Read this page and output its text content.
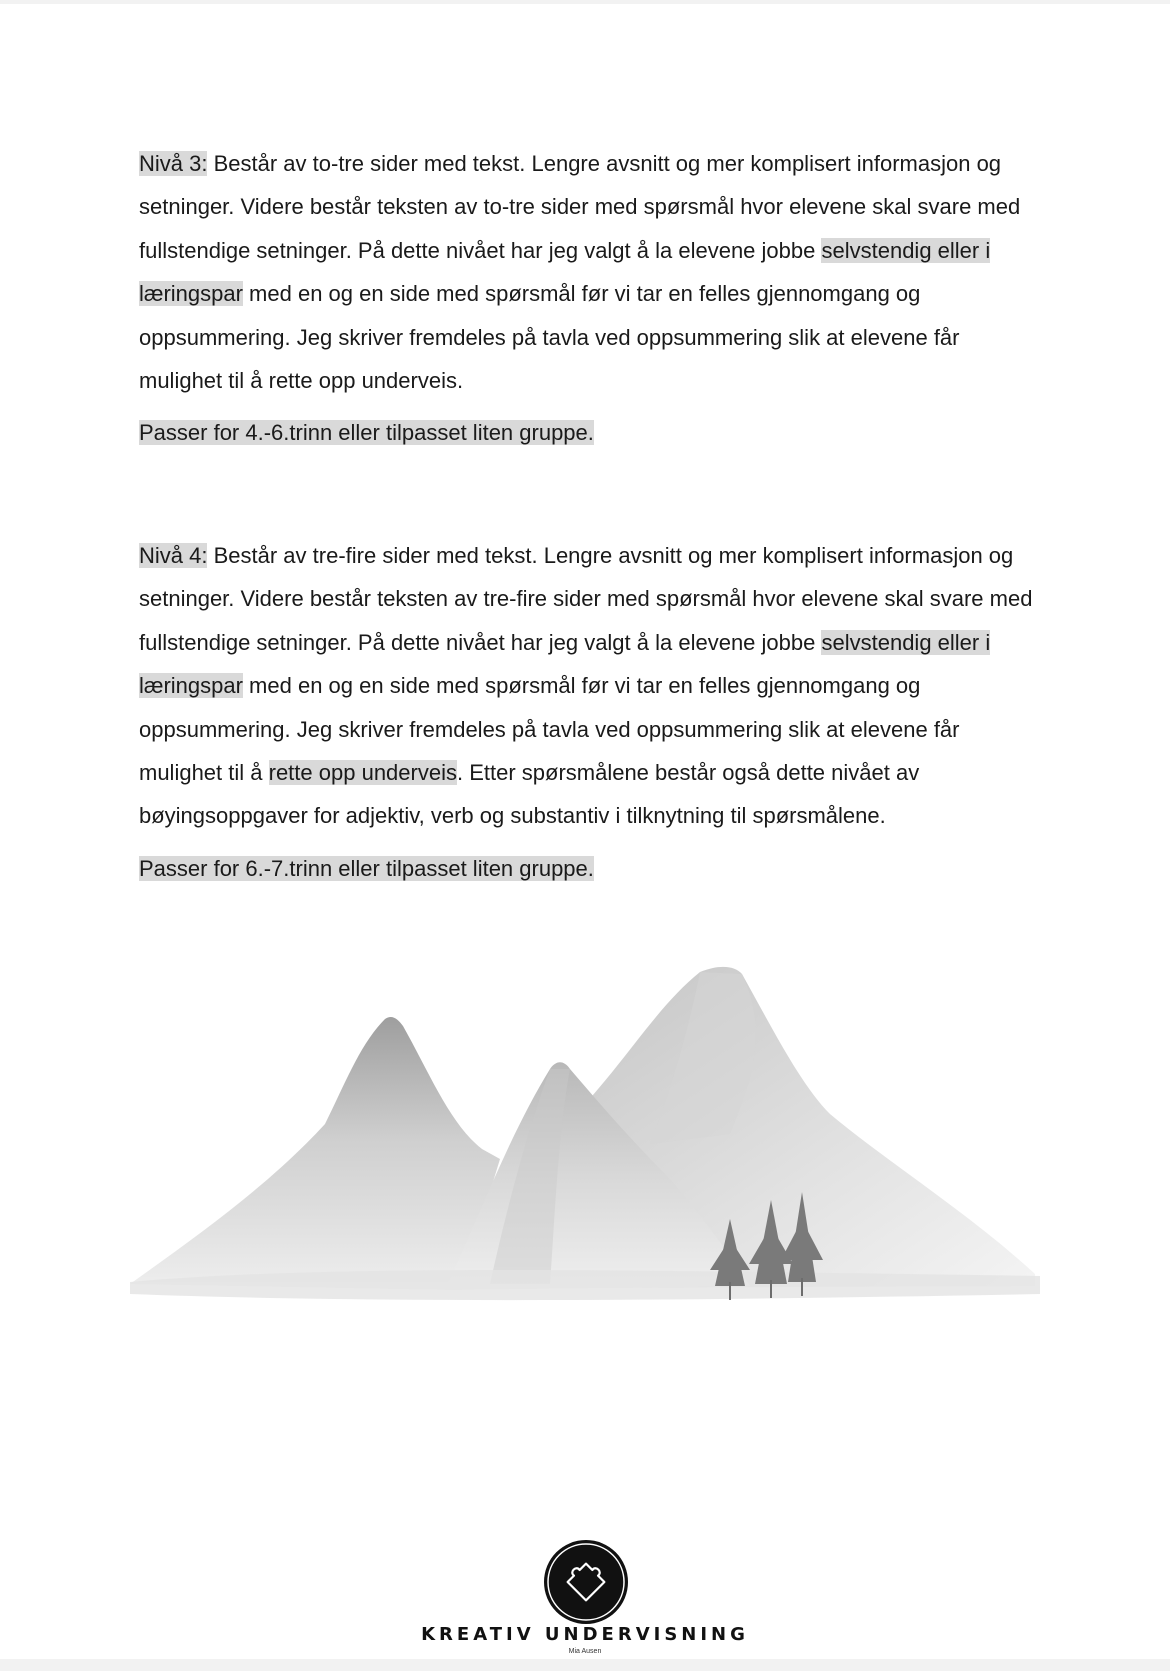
Nivå 3: Består av to-tre sider med tekst. Lengre avsnitt og mer komplisert informasjon og setninger. Videre består teksten av to-tre sider med spørsmål hvor elevene skal svare med fullstendige setninger. På dette nivået har jeg valgt å la elevene jobbe selvstendig eller i læringspar med en og en side med spørsmål før vi tar en felles gjennomgang og oppsummering. Jeg skriver fremdeles på tavla ved oppsummering slik at elevene får mulighet til å rette opp underveis.

Passer for 4.-6.trinn eller tilpasset liten gruppe.

Nivå 4: Består av tre-fire sider med tekst. Lengre avsnitt og mer komplisert informasjon og setninger. Videre består teksten av tre-fire sider med spørsmål hvor elevene skal svare med fullstendige setninger. På dette nivået har jeg valgt å la elevene jobbe selvstendig eller i læringspar med en og en side med spørsmål før vi tar en felles gjennomgang og oppsummering. Jeg skriver fremdeles på tavla ved oppsummering slik at elevene får mulighet til å rette opp underveis. Etter spørsmålene består også dette nivået av bøyingsoppgaver for adjektiv, verb og substantiv i tilknytning til spørsmålene.

Passer for 6.-7.trinn eller tilpasset liten gruppe.

KREATIV UNDERVISNING
Mia Ausen
